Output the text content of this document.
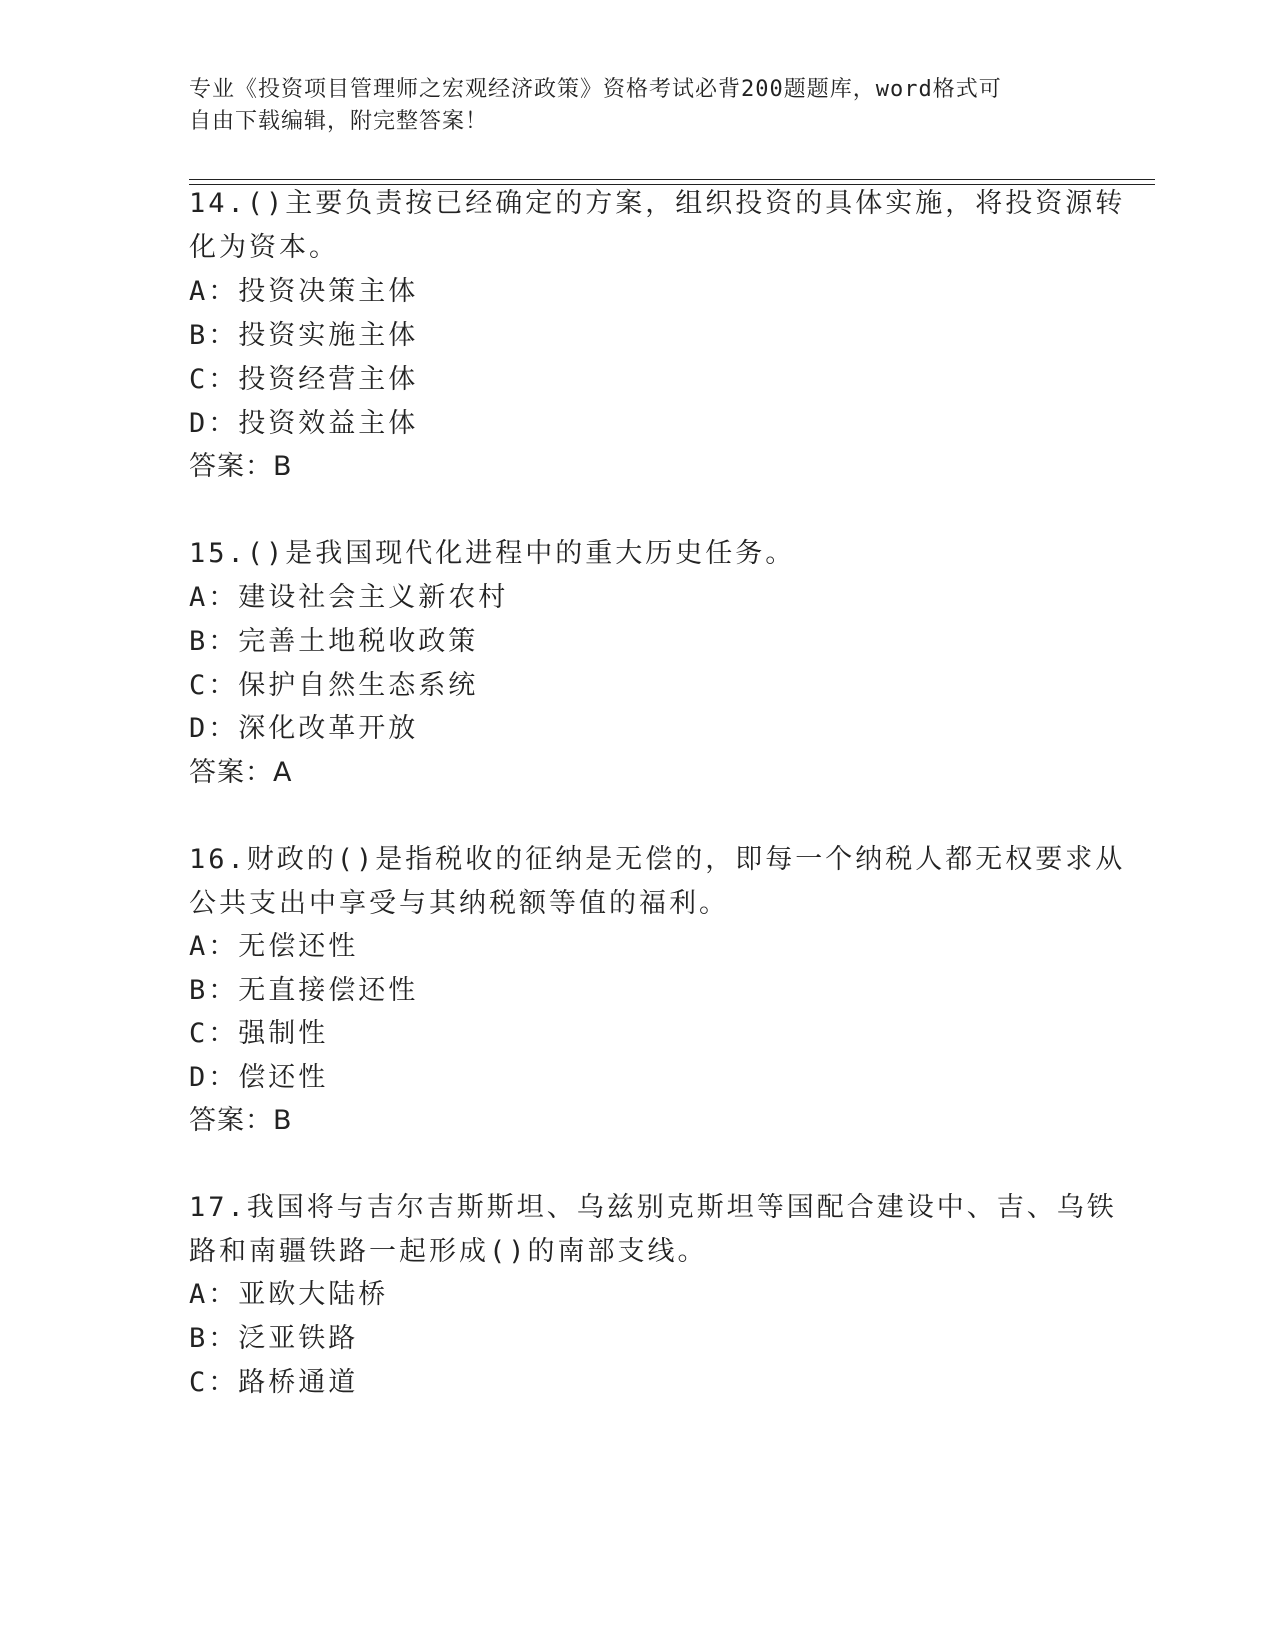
专业《投资项目管理师之宏观经济政策》资格考试必背200题题库，word格式可
自由下载编辑，附完整答案！

14.()主要负责按已经确定的方案，组织投资的具体实施，将投资源转

化为资本。

A：投资决策主体

B：投资实施主体

C：投资经营主体

D：投资效益主体

答案：B

15.()是我国现代化进程中的重大历史任务。

A：建设社会主义新农村

B：完善土地税收政策

C：保护自然生态系统

D：深化改革开放

答案：A

16.财政的()是指税收的征纳是无偿的，即每一个纳税人都无权要求从

公共支出中享受与其纳税额等值的福利。

A：无偿还性

B：无直接偿还性

C：强制性

D：偿还性

答案：B

17.我国将与吉尔吉斯斯坦、乌兹别克斯坦等国配合建设中、吉、乌铁

路和南疆铁路一起形成()的南部支线。

A：亚欧大陆桥

B：泛亚铁路

C：路桥通道
